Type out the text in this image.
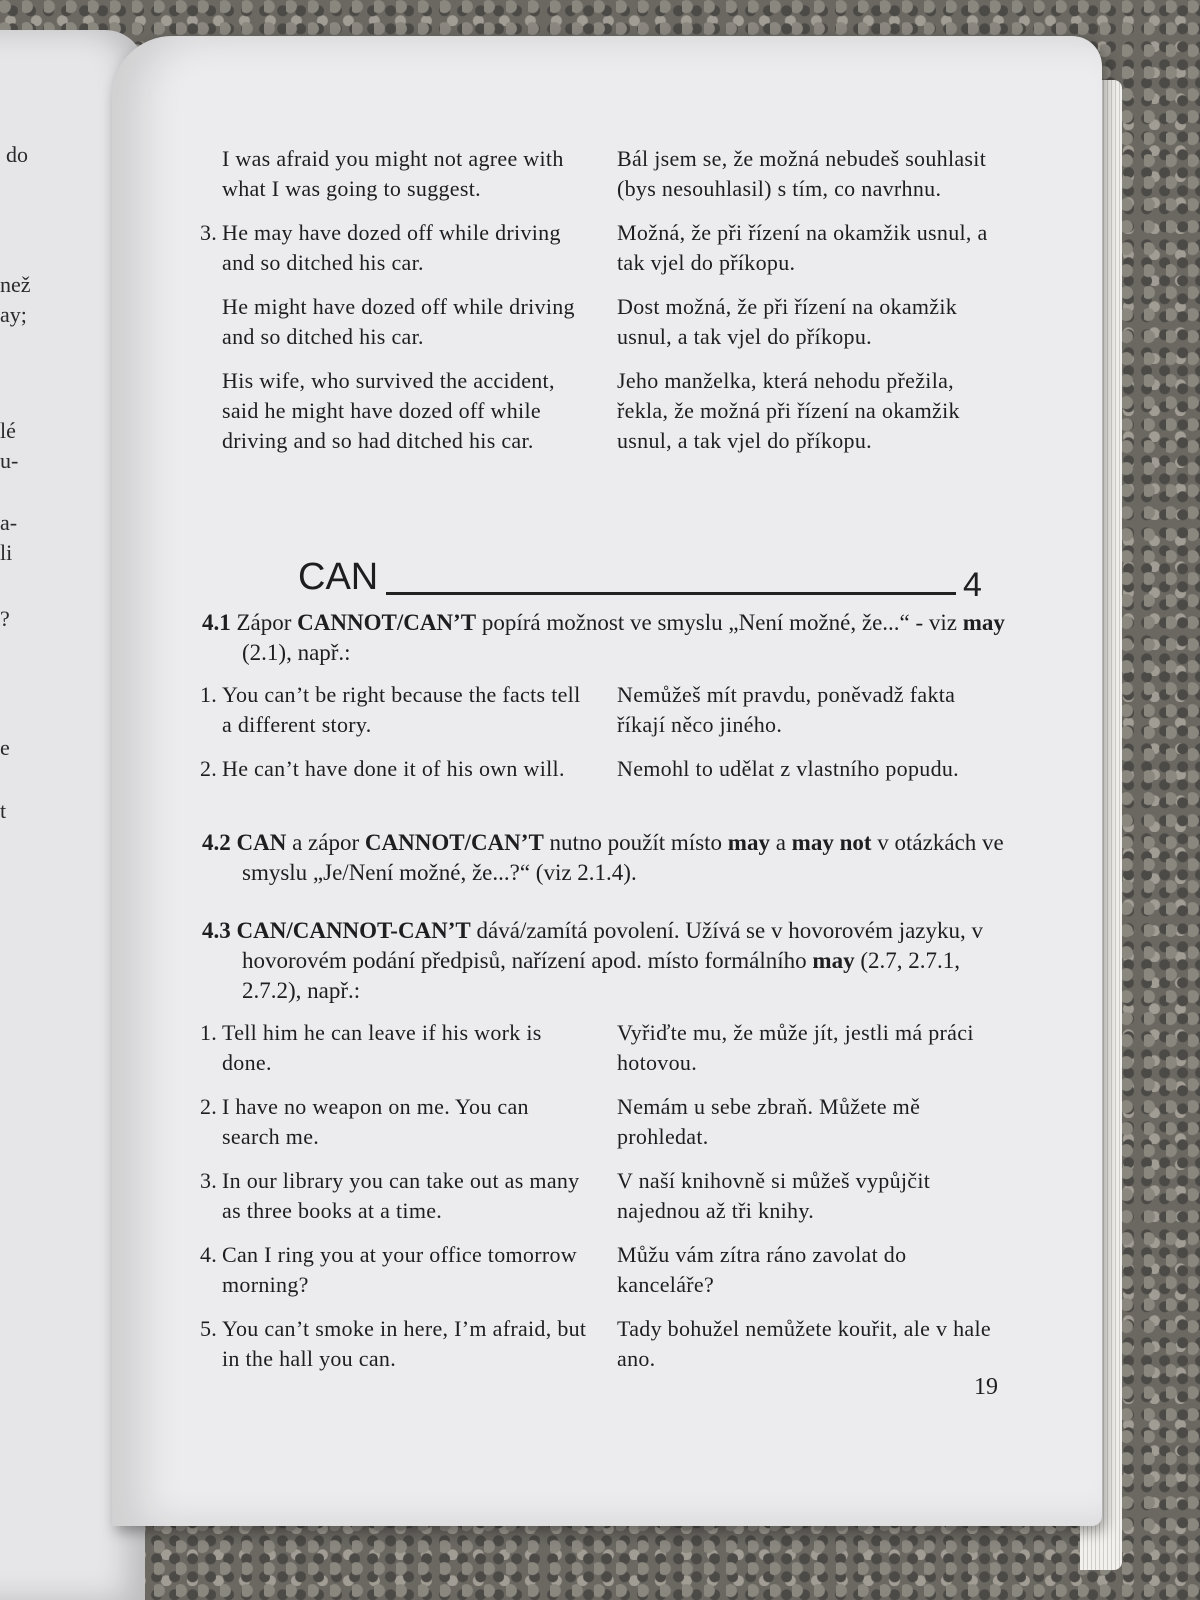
do
než
ay;
lé
u-
a-
li
?
e
t
I was afraid you might not agree with what I was going to suggest.
Bál jsem se, že možná nebudeš souhlasit (bys nesouhlasil) s tím, co navrhnu.
3. He may have dozed off while driving and so ditched his car.
Možná, že při řízení na okamžik usnul, a tak vjel do příkopu.
He might have dozed off while driving and so ditched his car.
Dost možná, že při řízení na okamžik usnul, a tak vjel do příkopu.
His wife, who survived the accident, said he might have dozed off while driving and so had ditched his car.
Jeho manželka, která nehodu přežila, řekla, že možná při řízení na okamžik usnul, a tak vjel do příkopu.
CAN	4

4.1 Zápor CANNOT/CAN’T popírá možnost ve smyslu „Není možné, že...“ - viz may (2.1), např.:

1. You can’t be right because the facts tell a different story.
Nemůžeš mít pravdu, poněvadž fakta říkají něco jiného.
2. He can’t have done it of his own will.	Nemohl to udělat z vlastního popudu.

4.2 CAN a zápor CANNOT/CAN’T nutno použít místo may a may not v otázkách ve smyslu „Je/Není možné, že...?“ (viz 2.1.4).

4.3 CAN/CANNOT-CAN’T dává/zamítá povolení. Užívá se v hovorovém jazyku, v hovorovém podání předpisů, nařízení apod. místo formálního may (2.7, 2.7.1, 2.7.2), např.:

1. Tell him he can leave if his work is done.
Vyřiďte mu, že může jít, jestli má práci hotovou.
2. I have no weapon on me. You can search me.
Nemám u sebe zbraň. Můžete mě prohledat.
3. In our library you can take out as many as three books at a time.
V naší knihovně si můžeš vypůjčit najednou až tři knihy.
4. Can I ring you at your office tomorrow morning?
Můžu vám zítra ráno zavolat do kanceláře?
5. You can’t smoke in here, I’m afraid, but in the hall you can.
Tady bohužel nemůžete kouřit, ale v hale ano.
19
